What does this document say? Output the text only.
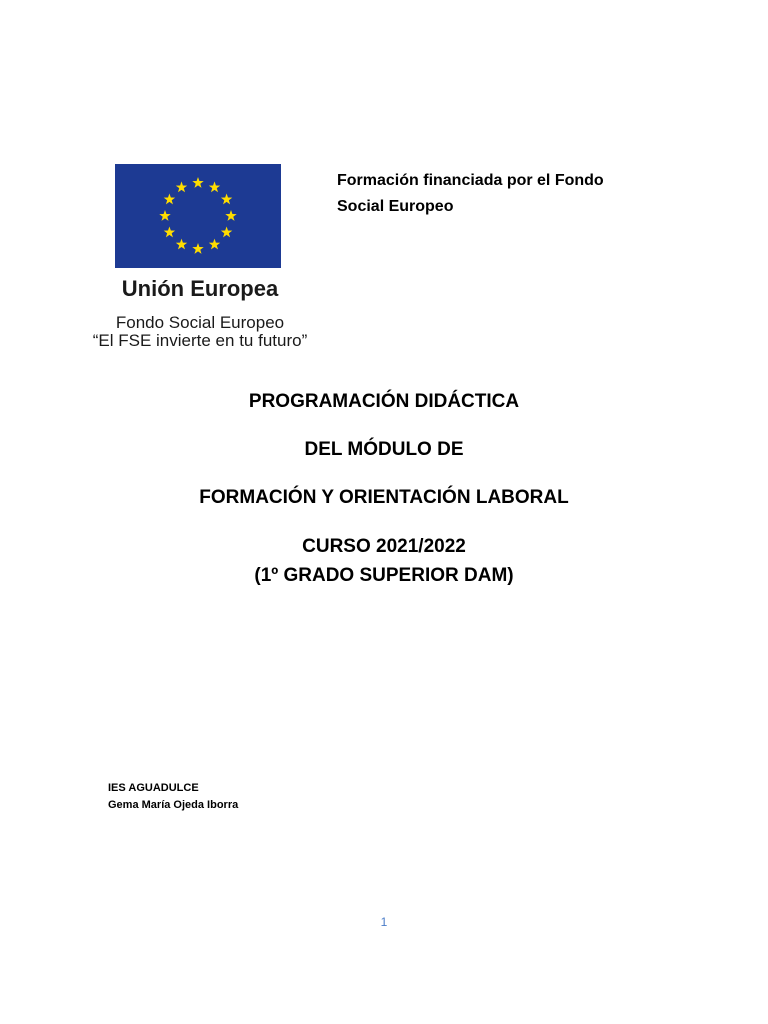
Unión Europea
Fondo Social Europeo
“El FSE invierte en tu futuro”
Formación financiada por el Fondo
Social Europeo
PROGRAMACIÓN DIDÁCTICA
DEL MÓDULO DE
FORMACIÓN Y ORIENTACIÓN LABORAL
CURSO 2021/2022
(1º GRADO SUPERIOR DAM)
IES AGUADULCE
Gema María Ojeda Iborra
1
